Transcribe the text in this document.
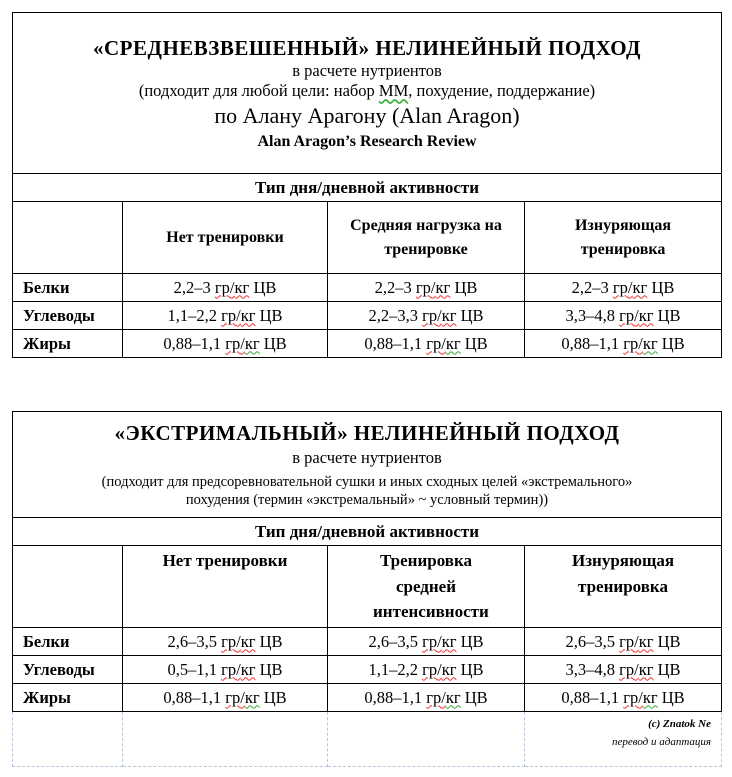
«СРЕДНЕВЗВЕШЕННЫЙ» НЕЛИНЕЙНЫЙ ПОДХОД
в расчете нутриентов
(подходит для любой цели: набор ММ, похудение, поддержание)
по Алану Арагону (Alan Aragon)
Alan Aragon’s Research Review			

Тип дня/дневной активности			
	Нет тренировки	Средняя нагрузка на тренировке	Изнуряющая тренировка
Белки	2,2–3 гр/кг ЦВ	2,2–3 гр/кг ЦВ	2,2–3 гр/кг ЦВ
Углеводы	1,1–2,2 гр/кг ЦВ	2,2–3,3 гр/кг ЦВ	3,3–4,8 гр/кг ЦВ
Жиры	0,88–1,1 гр/кг ЦВ	0,88–1,1 гр/кг ЦВ	0,88–1,1 гр/кг ЦВ
«ЭКСТРИМАЛЬНЫЙ» НЕЛИНЕЙНЫЙ ПОДХОД
в расчете нутриентов
(подходит для предсоревновательной сушки и иных сходных целей «экстремального»
похудения (термин «экстремальный» ~ условный термин))			

Тип дня/дневной активности			
	Нет тренировки	Тренировка средней интенсивности	Изнуряющая тренировка
Белки	2,6–3,5 гр/кг ЦВ	2,6–3,5 гр/кг ЦВ	2,6–3,5 гр/кг ЦВ
Углеводы	0,5–1,1 гр/кг ЦВ	1,1–2,2 гр/кг ЦВ	3,3–4,8 гр/кг ЦВ
Жиры	0,88–1,1 гр/кг ЦВ	0,88–1,1 гр/кг ЦВ	0,88–1,1 гр/кг ЦВ

			(c) Znatok Ne
перевод и адаптация
